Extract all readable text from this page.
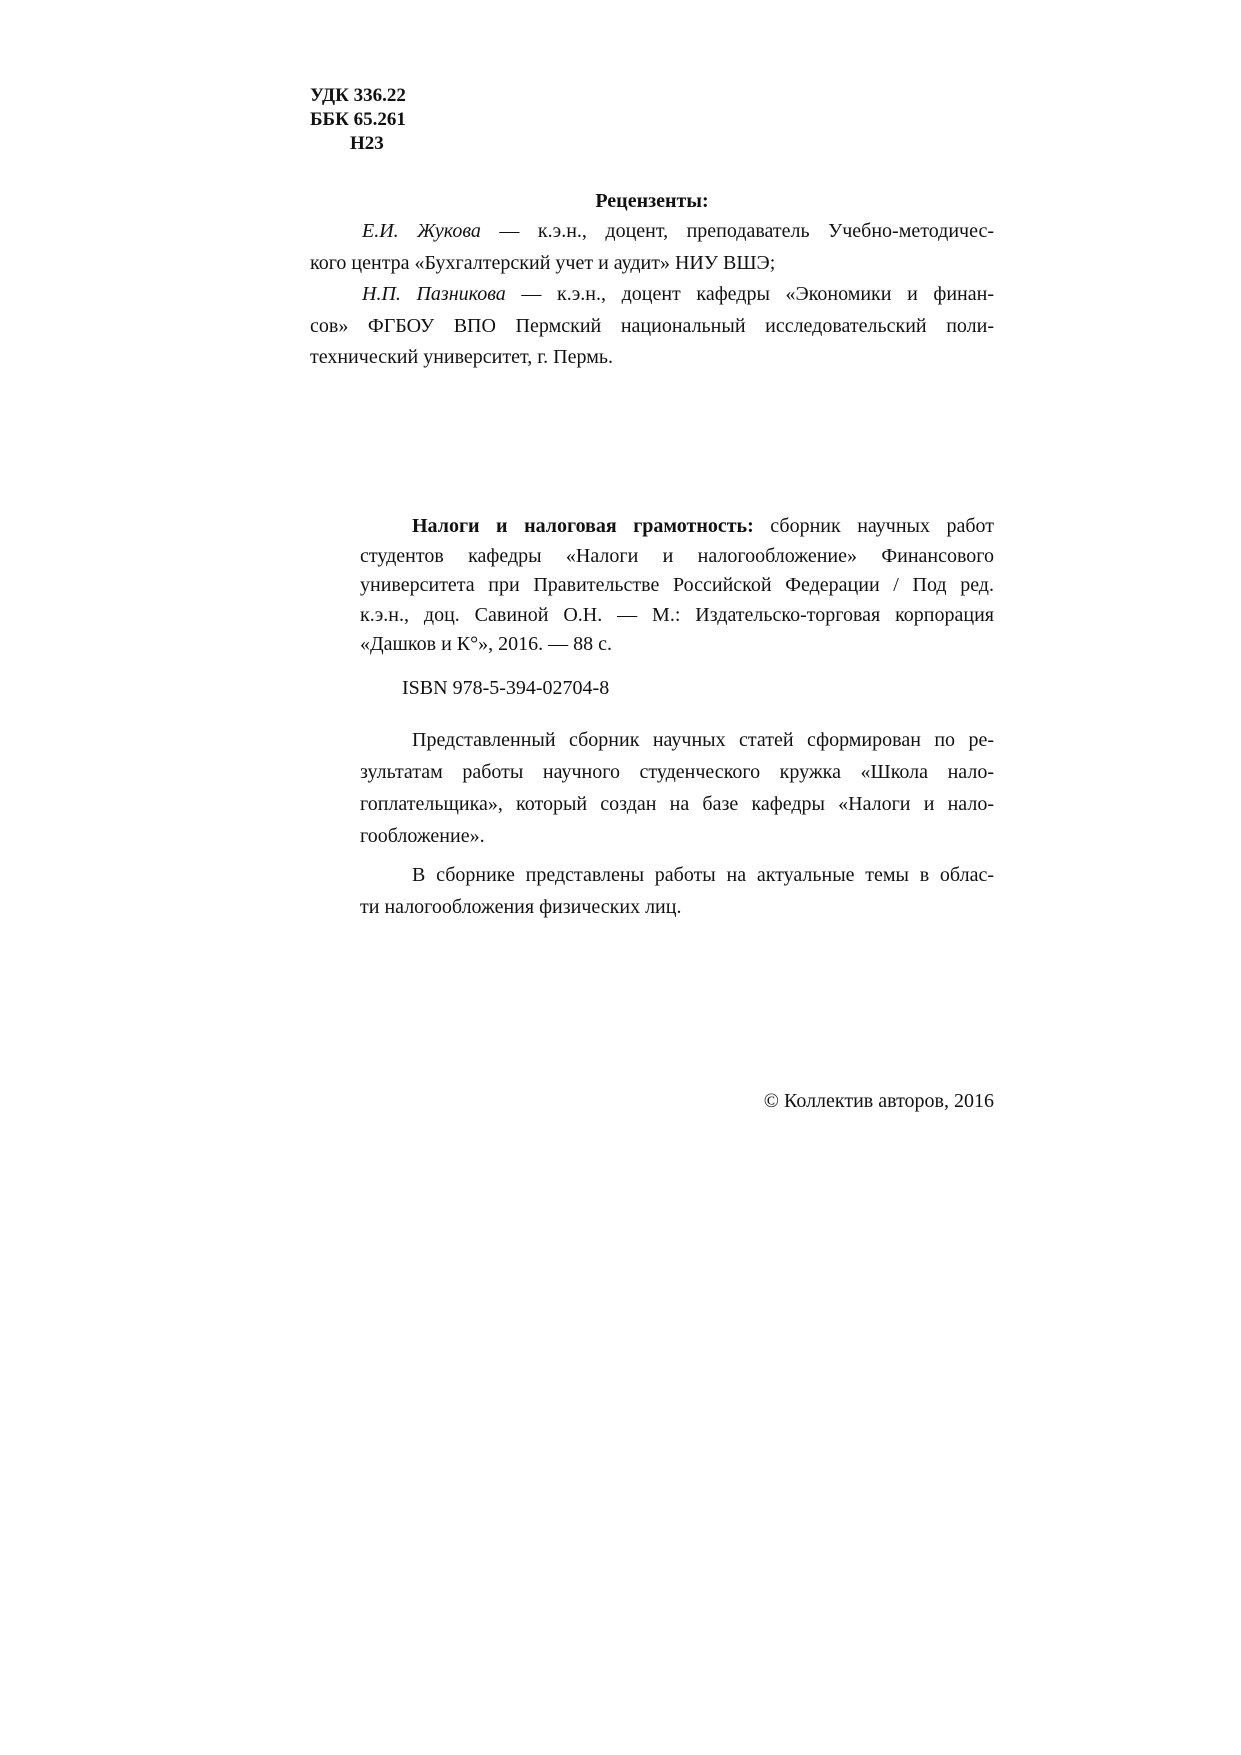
УДК 336.22
ББК 65.261
Н23
Рецензенты:
Е.И. Жукова — к.э.н., доцент, преподаватель Учебно-методичес-
кого центра «Бухгалтерский учет и аудит» НИУ ВШЭ;
Н.П. Пазникова — к.э.н., доцент кафедры «Экономики и финан-
сов» ФГБОУ ВПО Пермский национальный исследовательский поли-
технический университет, г. Пермь.
Налоги и налоговая грамотность: сборник научных работ
студентов кафедры «Налоги и налогообложение» Финансового
университета при Правительстве Российской Федерации / Под ред.
к.э.н., доц. Савиной О.Н. — М.: Издательско-торговая корпорация
«Дашков и К°», 2016. — 88 с.
ISBN 978-5-394-02704-8
Представленный сборник научных статей сформирован по ре-
зультатам работы научного студенческого кружка «Школа нало-
гоплательщика», который создан на базе кафедры «Налоги и нало-
гообложение».
В сборнике представлены работы на актуальные темы в облас-
ти налогообложения физических лиц.
© Коллектив авторов, 2016
